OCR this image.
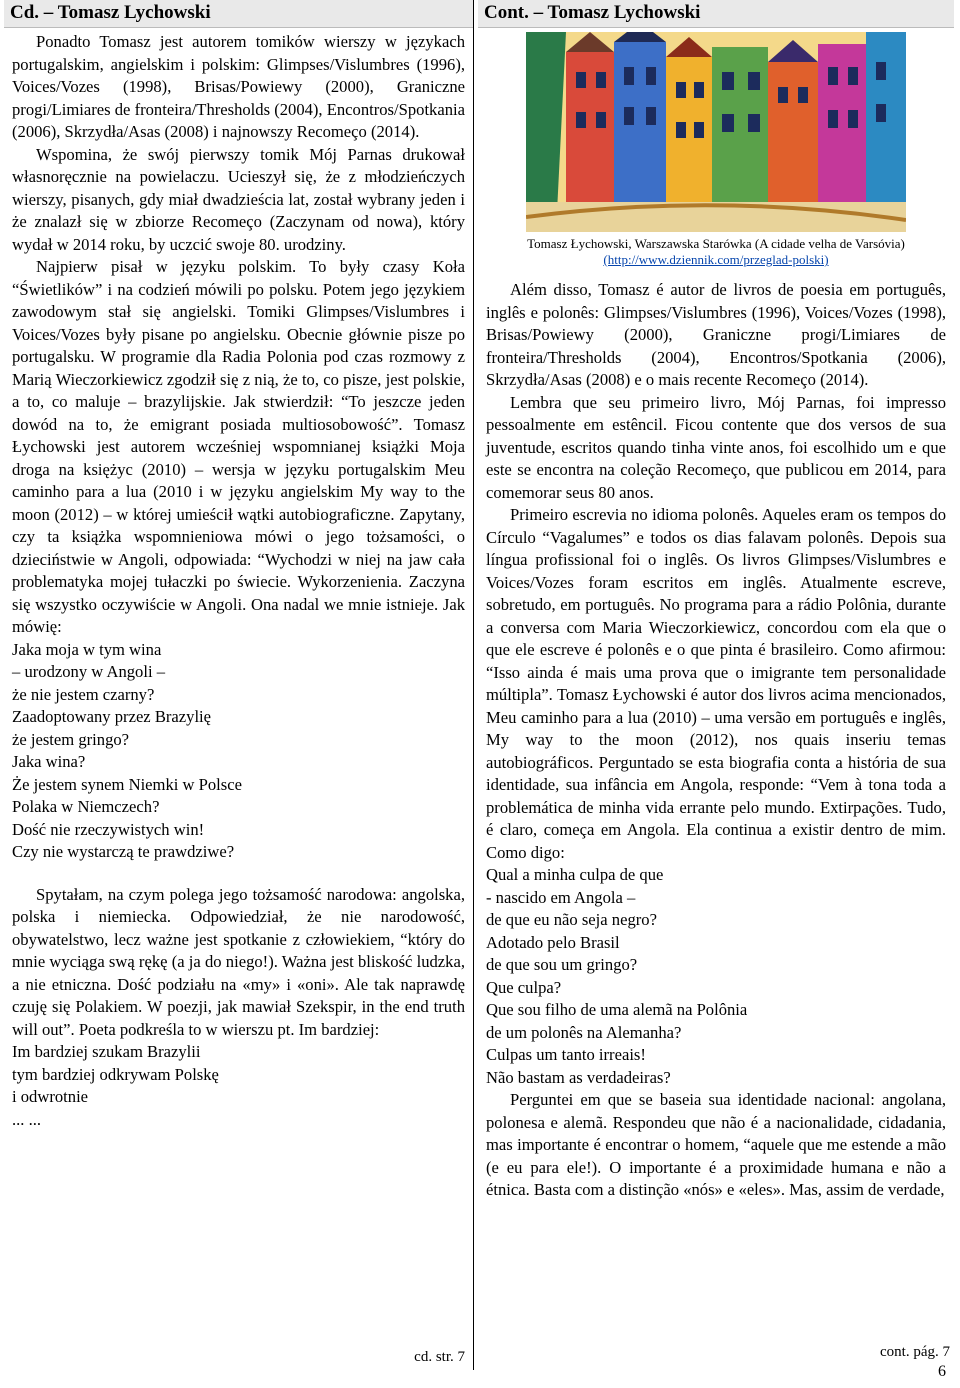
Cd. – Tomasz Lychowski

Ponadto Tomasz jest autorem tomików wierszy w językach portugalskim, angielskim i polskim: Glimpses/Vislumbres (1996), Voices/Vozes (1998), Brisas/Powiewy (2000), Graniczne progi/Limiares de fronteira/Thresholds (2004), Encontros/Spotkania (2006), Skrzydła/Asas (2008) i najnowszy Recomeço (2014).

Wspomina, że swój pierwszy tomik Mój Parnas drukował własnoręcznie na powielaczu. Ucieszył się, że z młodzieńczych wierszy, pisanych, gdy miał dwadzieścia lat, został wybrany jeden i że znalazł się w zbiorze Recomeço (Zaczynam od nowa), który wydał w 2014 roku, by uczcić swoje 80. urodziny.

Najpierw pisał w języku polskim. To były czasy Koła “Świetlików” i na codzień mówili po polsku. Potem jego językiem zawodowym stał się angielski. Tomiki Glimpses/Vislumbres i Voices/Vozes były pisane po angielsku. Obecnie głównie pisze po portugalsku. W programie dla Radia Polonia pod czas rozmowy z Marią Wieczorkiewicz zgodził się z nią, że to, co pisze, jest polskie, a to, co maluje – brazylijskie. Jak stwierdził: “To jeszcze jeden dowód na to, że emigrant posiada multiosobowość”. Tomasz Łychowski jest autorem wcześniej wspomnianej książki Moja droga na księżyc (2010) – wersja w języku portugalskim Meu caminho para a lua (2010 i w języku angielskim My way to the moon (2012) – w której umieścił wątki autobiograficzne. Zapytany, czy ta książka wspomnieniowa mówi o jego tożsamości, o dzieciństwie w Angoli, odpowiada: “Wychodzi w niej na jaw cała problematyka mojej tułaczki po świecie. Wykorzenienia. Zaczyna się wszystko oczywiście w Angoli. Ona nadal we mnie istnieje. Jak mówię:

Jaka moja w tym wina

– urodzony w Angoli –

że nie jestem czarny?

Zaadoptowany przez Brazylię

że jestem gringo?

Jaka wina?

Że jestem synem Niemki w Polsce

Polaka w Niemczech?

Dość nie rzeczywistych win!

Czy nie wystarczą te prawdziwe?

Spytałam, na czym polega jego tożsamość narodowa: angolska, polska i niemiecka. Odpowiedział, że nie narodowość, obywatelstwo, lecz ważne jest spotkanie z człowiekiem, “który do mnie wyciąga swą rękę (a ja do niego!). Ważna jest bliskość ludzka, a nie etniczna. Dość podziału na «my» i «oni». Ale tak naprawdę czuję się Polakiem. W poezji, jak mawiał Szekspir, in the end truth will out”. Poeta podkreśla to w wierszu pt. Im bardziej:

Im bardziej szukam Brazylii

tym bardziej odkrywam Polskę

i odwrotnie

... ...

cd. str. 7
Cont. – Tomasz Lychowski
Tomasz Łychowski, Warszawska Starówka (A cidade velha de Varsóvia)
(http://www.dziennik.com/przeglad-polski)

Além disso, Tomasz é autor de livros de poesia em português, inglês e polonês: Glimpses/Vislumbres (1996), Voices/Vozes (1998), Brisas/Powiewy (2000), Graniczne progi/Limiares de fronteira/Thresholds (2004), Encontros/Spotkania (2006), Skrzydła/Asas (2008) e o mais recente Recomeço (2014).

Lembra que seu primeiro livro, Mój Parnas, foi impresso pessoalmente em estêncil. Ficou contente que dos versos de sua juventude, escritos quando tinha vinte anos, foi escolhido um e que este se encontra na coleção Recomeço, que publicou em 2014, para comemorar seus 80 anos.

Primeiro escrevia no idioma polonês. Aqueles eram os tempos do Círculo “Vagalumes” e todos os dias falavam polonês. Depois sua língua profissional foi o inglês. Os livros Glimpses/Vislumbres e Voices/Vozes foram escritos em inglês. Atualmente escreve, sobretudo, em português. No programa para a rádio Polônia, durante a conversa com Maria Wieczorkiewicz, concordou com ela que o que ele escreve é polonês e o que pinta é brasileiro. Como afirmou: “Isso ainda é mais uma prova que o imigrante tem personalidade múltipla”. Tomasz Łychowski é autor dos livros acima mencionados, Meu caminho para a lua (2010) – uma versão em português e inglês, My way to the moon (2012), nos quais inseriu temas autobiográficos. Perguntado se esta biografia conta a história de sua identidade, sua infância em Angola, responde: “Vem à tona toda a problemática de minha vida errante pelo mundo. Extirpações. Tudo, é claro, começa em Angola. Ela continua a existir dentro de mim. Como digo:

Qual a minha culpa de que

- nascido em Angola –

de que eu não seja negro?

Adotado pelo Brasil

de que sou um gringo?

Que culpa?

Que sou filho de uma alemã na Polônia

de um polonês na Alemanha?

Culpas um tanto irreais!

Não bastam as verdadeiras?

Perguntei em que se baseia sua identidade nacional: angolana, polonesa e alemã. Respondeu que não é a nacionalidade, cidadania, mas importante é encontrar o homem, “aquele que me estende a mão (e eu para ele!). O importante é a proximidade humana e não a étnica. Basta com a distinção «nós» e «eles». Mas, assim de verdade,

cont. pág. 7
6
